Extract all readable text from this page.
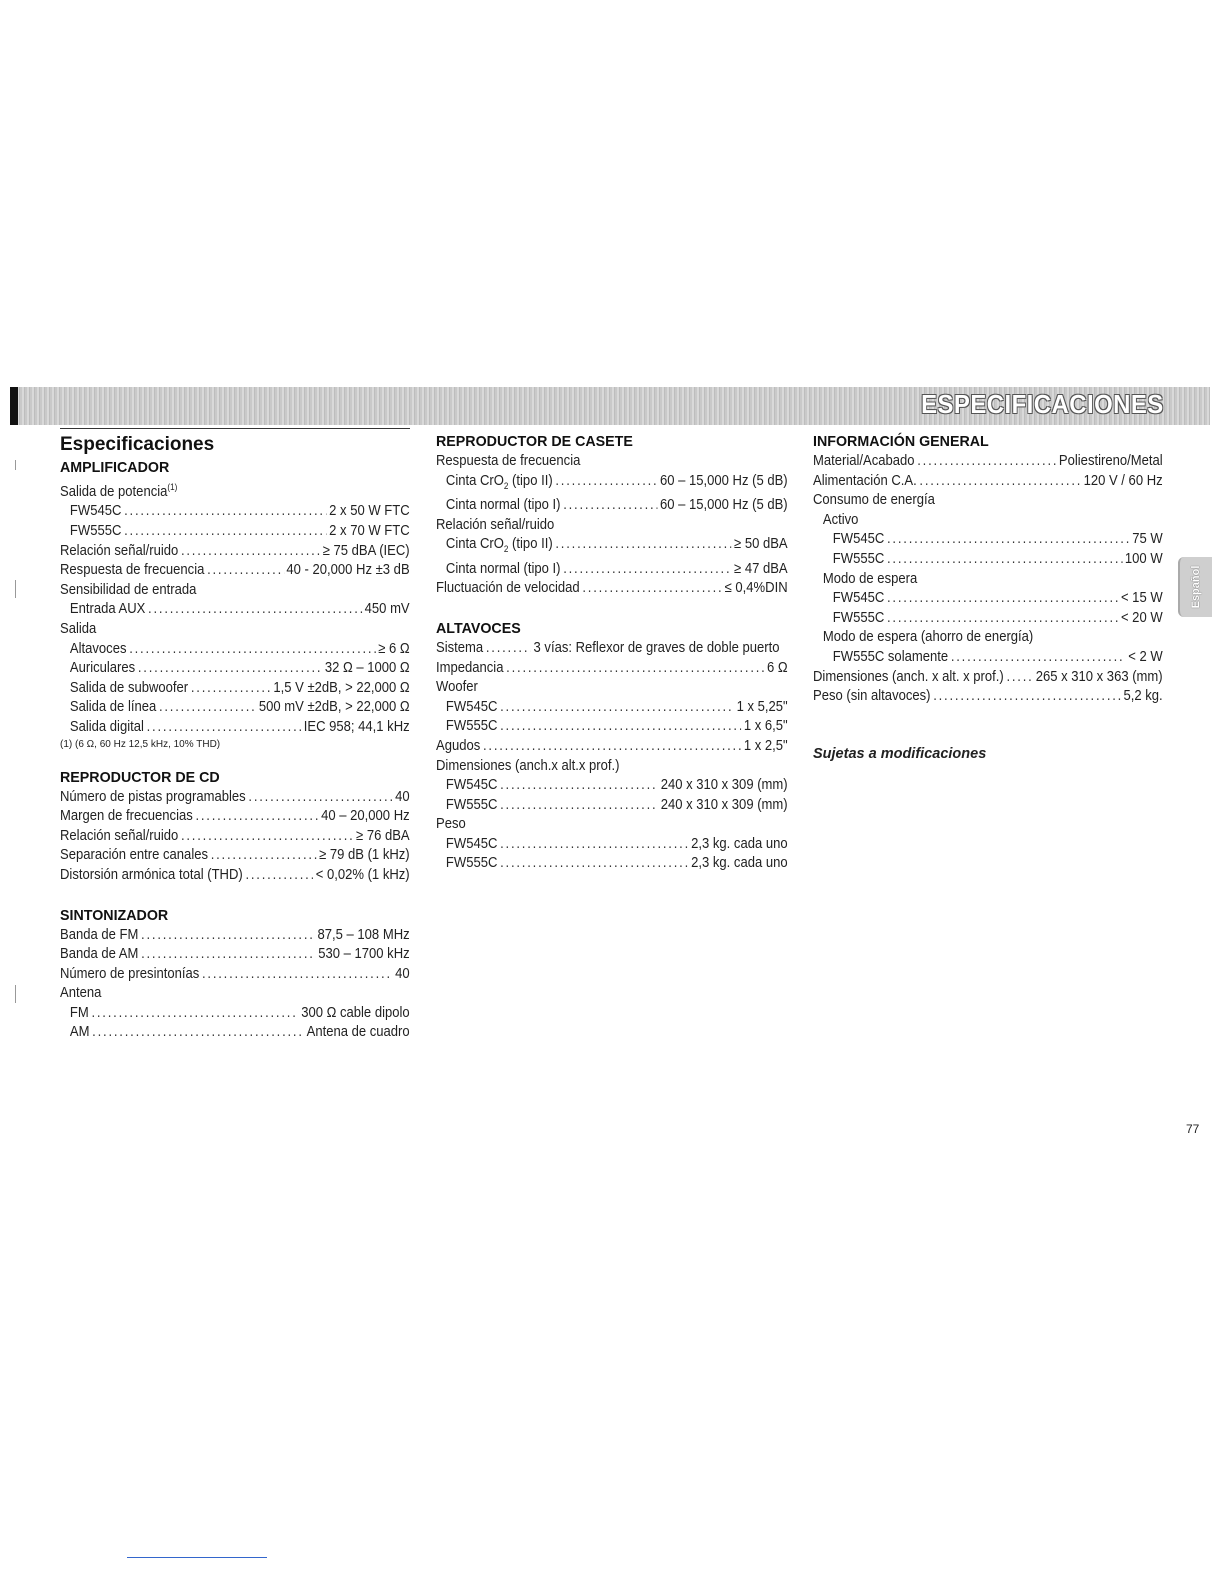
ESPECIFICACIONES
Especificaciones
AMPLIFICADOR
Salida de potencia$^{(1)}$
FW545C .....	2 x 50 W FTC
FW555C .....	2 x 70 W FTC
Relación señal/ruido .....	≥ 75 dBA (IEC)
Respuesta de frecuencia .....	40 - 20,000 Hz ±3 dB
Sensibilidad de entrada
Entrada AUX .....	450 mV
Salida
Altavoces .....	≥ 6 Ω
Auriculares .....	32 Ω – 1000 Ω
Salida de subwoofer .....	1,5 V ±2dB, > 22,000 Ω
Salida de línea .....	500 mV ±2dB, > 22,000 Ω
Salida digital .....	IEC 958; 44,1 kHz
(1) (6 Ω, 60 Hz 12,5 kHz, 10% THD)
REPRODUCTOR DE CD
Número de pistas programables .....	40
Margen de frecuencias .....	40 – 20,000 Hz
Relación señal/ruido .....	≥ 76 dBA
Separación entre canales .....	≥ 79 dB (1 kHz)
Distorsión armónica total (THD) .....	< 0,02% (1 kHz)
SINTONIZADOR
Banda de FM .....	87,5 – 108 MHz
Banda de AM .....	530 – 1700 kHz
Número de presintonías .....	40
Antena
FM .....	300 Ω cable dipolo
AM .....	Antena de cuadro
REPRODUCTOR DE CASETE
Respuesta de frecuencia
Cinta CrO$_2$ (tipo II) .....	60 – 15,000 Hz (5 dB)
Cinta normal (tipo I) .....	60 – 15,000 Hz (5 dB)
Relación señal/ruido
Cinta CrO$_2$ (tipo II) .....	≥ 50 dBA
Cinta normal (tipo I) .....	≥ 47 dBA
Fluctuación de velocidad .....	≤ 0,4%DIN
ALTAVOCES
Sistema .....	3 vías: Reflexor de graves de doble puerto
Impedancia .....	6 Ω
Woofer
FW545C .....	1 x 5,25"
FW555C .....	1 x 6,5"
Agudos .....	1 x 2,5"
Dimensiones (anch.x alt.x prof.)
FW545C .....	240 x 310 x 309 (mm)
FW555C .....	240 x 310 x 309 (mm)
Peso
FW545C .....	2,3 kg. cada uno
FW555C .....	2,3 kg. cada uno
INFORMACIÓN GENERAL
Material/Acabado .....	Poliestireno/Metal
Alimentación C.A. .....	120 V / 60 Hz
Consumo de energía
Activo
FW545C .....	75 W
FW555C .....	100 W
Modo de espera
FW545C .....	< 15 W
FW555C .....	< 20 W
Modo de espera (ahorro de energía)
FW555C solamente .....	< 2 W
Dimensiones (anch. x alt. x prof.) ..... 265 x 310 x 363 (mm)
Peso (sin altavoces) .....	5,2 kg.
Sujetas a modificaciones
Español
77
